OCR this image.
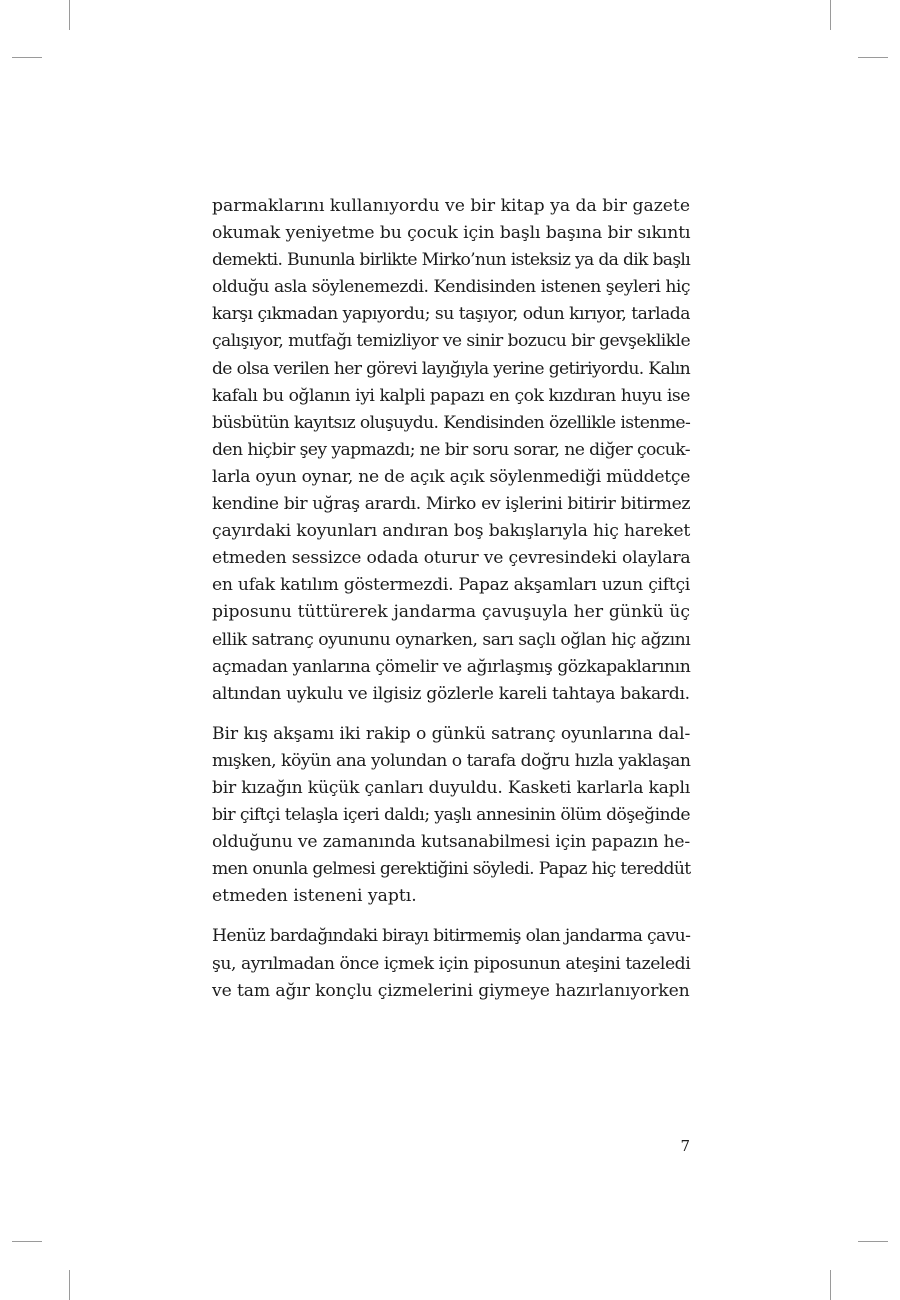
parmaklarını kullanıyordu ve bir kitap ya da bir gazete
okumak yeniyetme bu çocuk için başlı başına bir sıkıntı
demekti. Bununla birlikte Mirko’nun isteksiz ya da dik başlı
olduğu asla söylenemezdi. Kendisinden istenen şeyleri hiç
karşı çıkmadan yapıyordu; su taşıyor, odun kırıyor, tarlada
çalışıyor, mutfağı temizliyor ve sinir bozucu bir gevşeklikle
de olsa verilen her görevi layığıyla yerine getiriyordu. Kalın
kafalı bu oğlanın iyi kalpli papazı en çok kızdıran huyu ise
büsbütün kayıtsız oluşuydu. Kendisinden özellikle istenme-
den hiçbir şey yapmazdı; ne bir soru sorar, ne diğer çocuk-
larla oyun oynar, ne de açık açık söylenmediği müddetçe
kendine bir uğraş arardı. Mirko ev işlerini bitirir bitirmez
çayırdaki koyunları andıran boş bakışlarıyla hiç hareket
etmeden sessizce odada oturur ve çevresindeki olaylara
en ufak katılım göstermezdi. Papaz akşamları uzun çiftçi
piposunu tüttürerek jandarma çavuşuyla her günkü üç
ellik satranç oyununu oynarken, sarı saçlı oğlan hiç ağzını
açmadan yanlarına çömelir ve ağırlaşmış gözkapaklarının
altından uykulu ve ilgisiz gözlerle kareli tahtaya bakardı.

Bir kış akşamı iki rakip o günkü satranç oyunlarına dal-
mışken, köyün ana yolundan o tarafa doğru hızla yaklaşan
bir kızağın küçük çanları duyuldu. Kasketi karlarla kaplı
bir çiftçi telaşla içeri daldı; yaşlı annesinin ölüm döşeğinde
olduğunu ve zamanında kutsanabilmesi için papazın he-
men onunla gelmesi gerektiğini söyledi. Papaz hiç tereddüt
etmeden isteneni yaptı.

Henüz bardağındaki birayı bitirmemiş olan jandarma çavu-
şu, ayrılmadan önce içmek için piposunun ateşini tazeledi
ve tam ağır konçlu çizmelerini giymeye hazırlanıyorken

7
